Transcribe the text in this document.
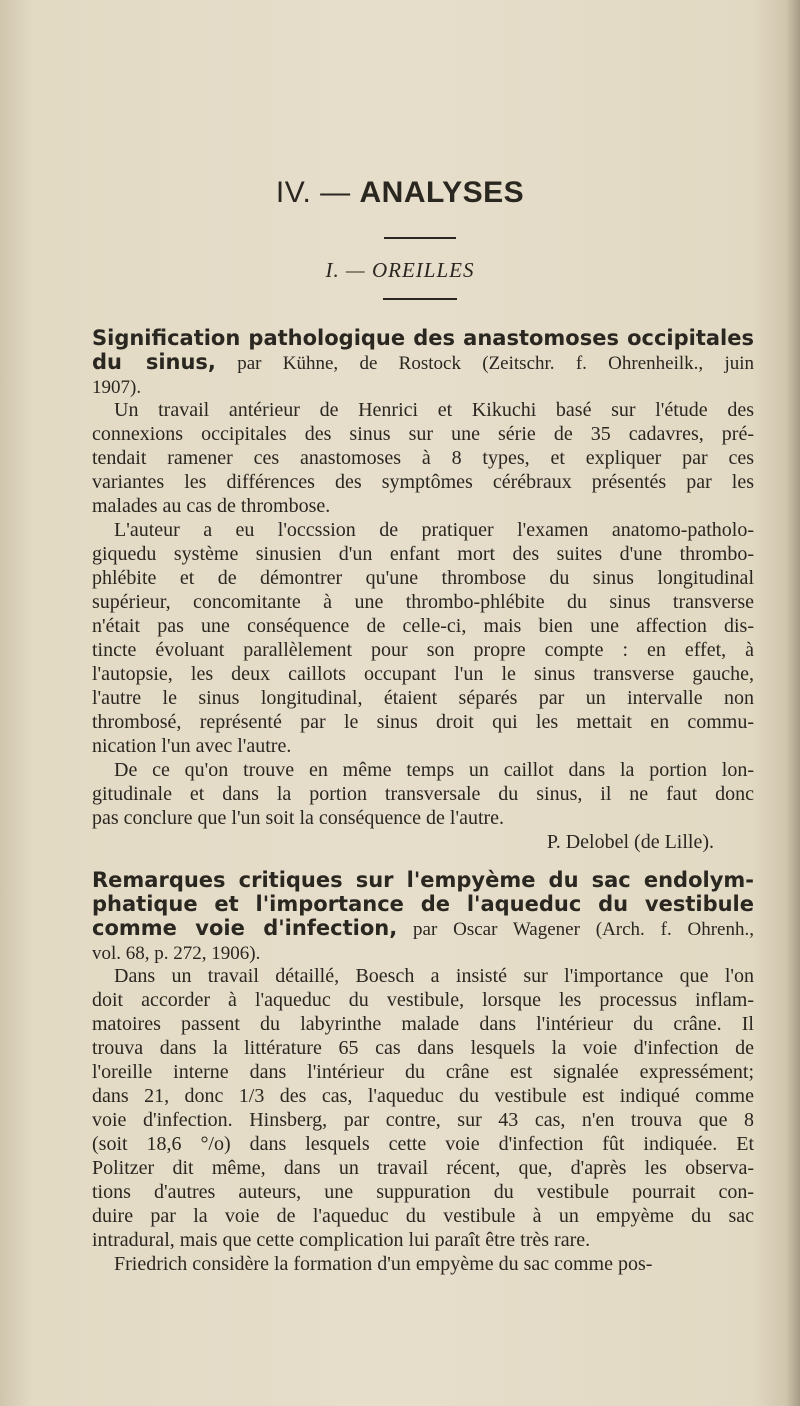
IV. — ANALYSES
I. — OREILLES
Signification pathologique des anastomoses occipitales
du sinus, par Kühne, de Rostock (Zeitschr. f. Ohrenheilk., juin
1907).
Un travail antérieur de Henrici et Kikuchi basé sur l'étude des
connexions occipitales des sinus sur une série de 35 cadavres, pré-
tendait ramener ces anastomoses à 8 types, et expliquer par ces
variantes les différences des symptômes cérébraux présentés par les
malades au cas de thrombose.
L'auteur a eu l'occssion de pratiquer l'examen anatomo-patholo-
giquedu système sinusien d'un enfant mort des suites d'une thrombo-
phlébite et de démontrer qu'une thrombose du sinus longitudinal
supérieur, concomitante à une thrombo-phlébite du sinus transverse
n'était pas une conséquence de celle-ci, mais bien une affection dis-
tincte évoluant parallèlement pour son propre compte : en effet, à
l'autopsie, les deux caillots occupant l'un le sinus transverse gauche,
l'autre le sinus longitudinal, étaient séparés par un intervalle non
thrombosé, représenté par le sinus droit qui les mettait en commu-
nication l'un avec l'autre.
De ce qu'on trouve en même temps un caillot dans la portion lon-
gitudinale et dans la portion transversale du sinus, il ne faut donc
pas conclure que l'un soit la conséquence de l'autre.
P. Delobel (de Lille).
Remarques critiques sur l'empyème du sac endolym-
phatique et l'importance de l'aqueduc du vestibule
comme voie d'infection, par Oscar Wagener (Arch. f. Ohrenh.,
vol. 68, p. 272, 1906).
Dans un travail détaillé, Boesch a insisté sur l'importance que l'on
doit accorder à l'aqueduc du vestibule, lorsque les processus inflam-
matoires passent du labyrinthe malade dans l'intérieur du crâne. Il
trouva dans la littérature 65 cas dans lesquels la voie d'infection de
l'oreille interne dans l'intérieur du crâne est signalée expressément;
dans 21, donc 1/3 des cas, l'aqueduc du vestibule est indiqué comme
voie d'infection. Hinsberg, par contre, sur 43 cas, n'en trouva que 8
(soit 18,6 °/o) dans lesquels cette voie d'infection fût indiquée. Et
Politzer dit même, dans un travail récent, que, d'après les observa-
tions d'autres auteurs, une suppuration du vestibule pourrait con-
duire par la voie de l'aqueduc du vestibule à un empyème du sac
intradural, mais que cette complication lui paraît être très rare.
Friedrich considère la formation d'un empyème du sac comme pos-
